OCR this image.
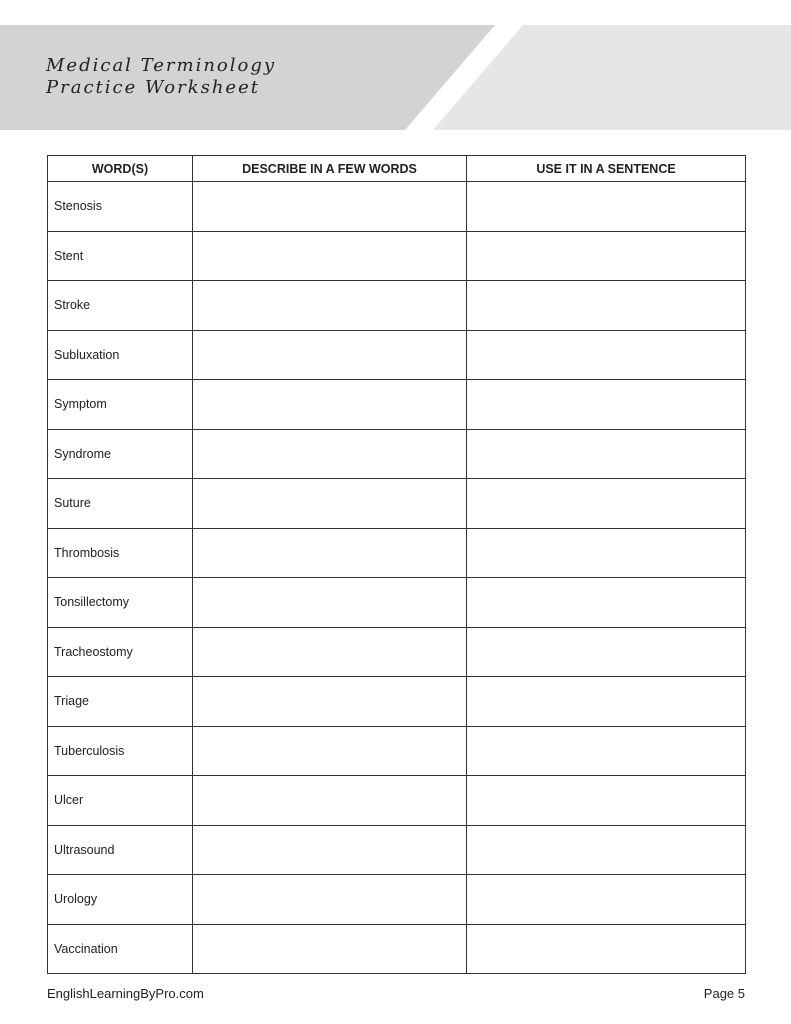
Medical Terminology
Practice Worksheet
WORD(S)	DESCRIBE IN A FEW WORDS	USE IT IN A SENTENCE
Stenosis		
Stent		
Stroke		
Subluxation		
Symptom		
Syndrome		
Suture		
Thrombosis		
Tonsillectomy		
Tracheostomy		
Triage		
Tuberculosis		
Ulcer		
Ultrasound		
Urology		
Vaccination		
EnglishLearningByPro.com	Page 5
